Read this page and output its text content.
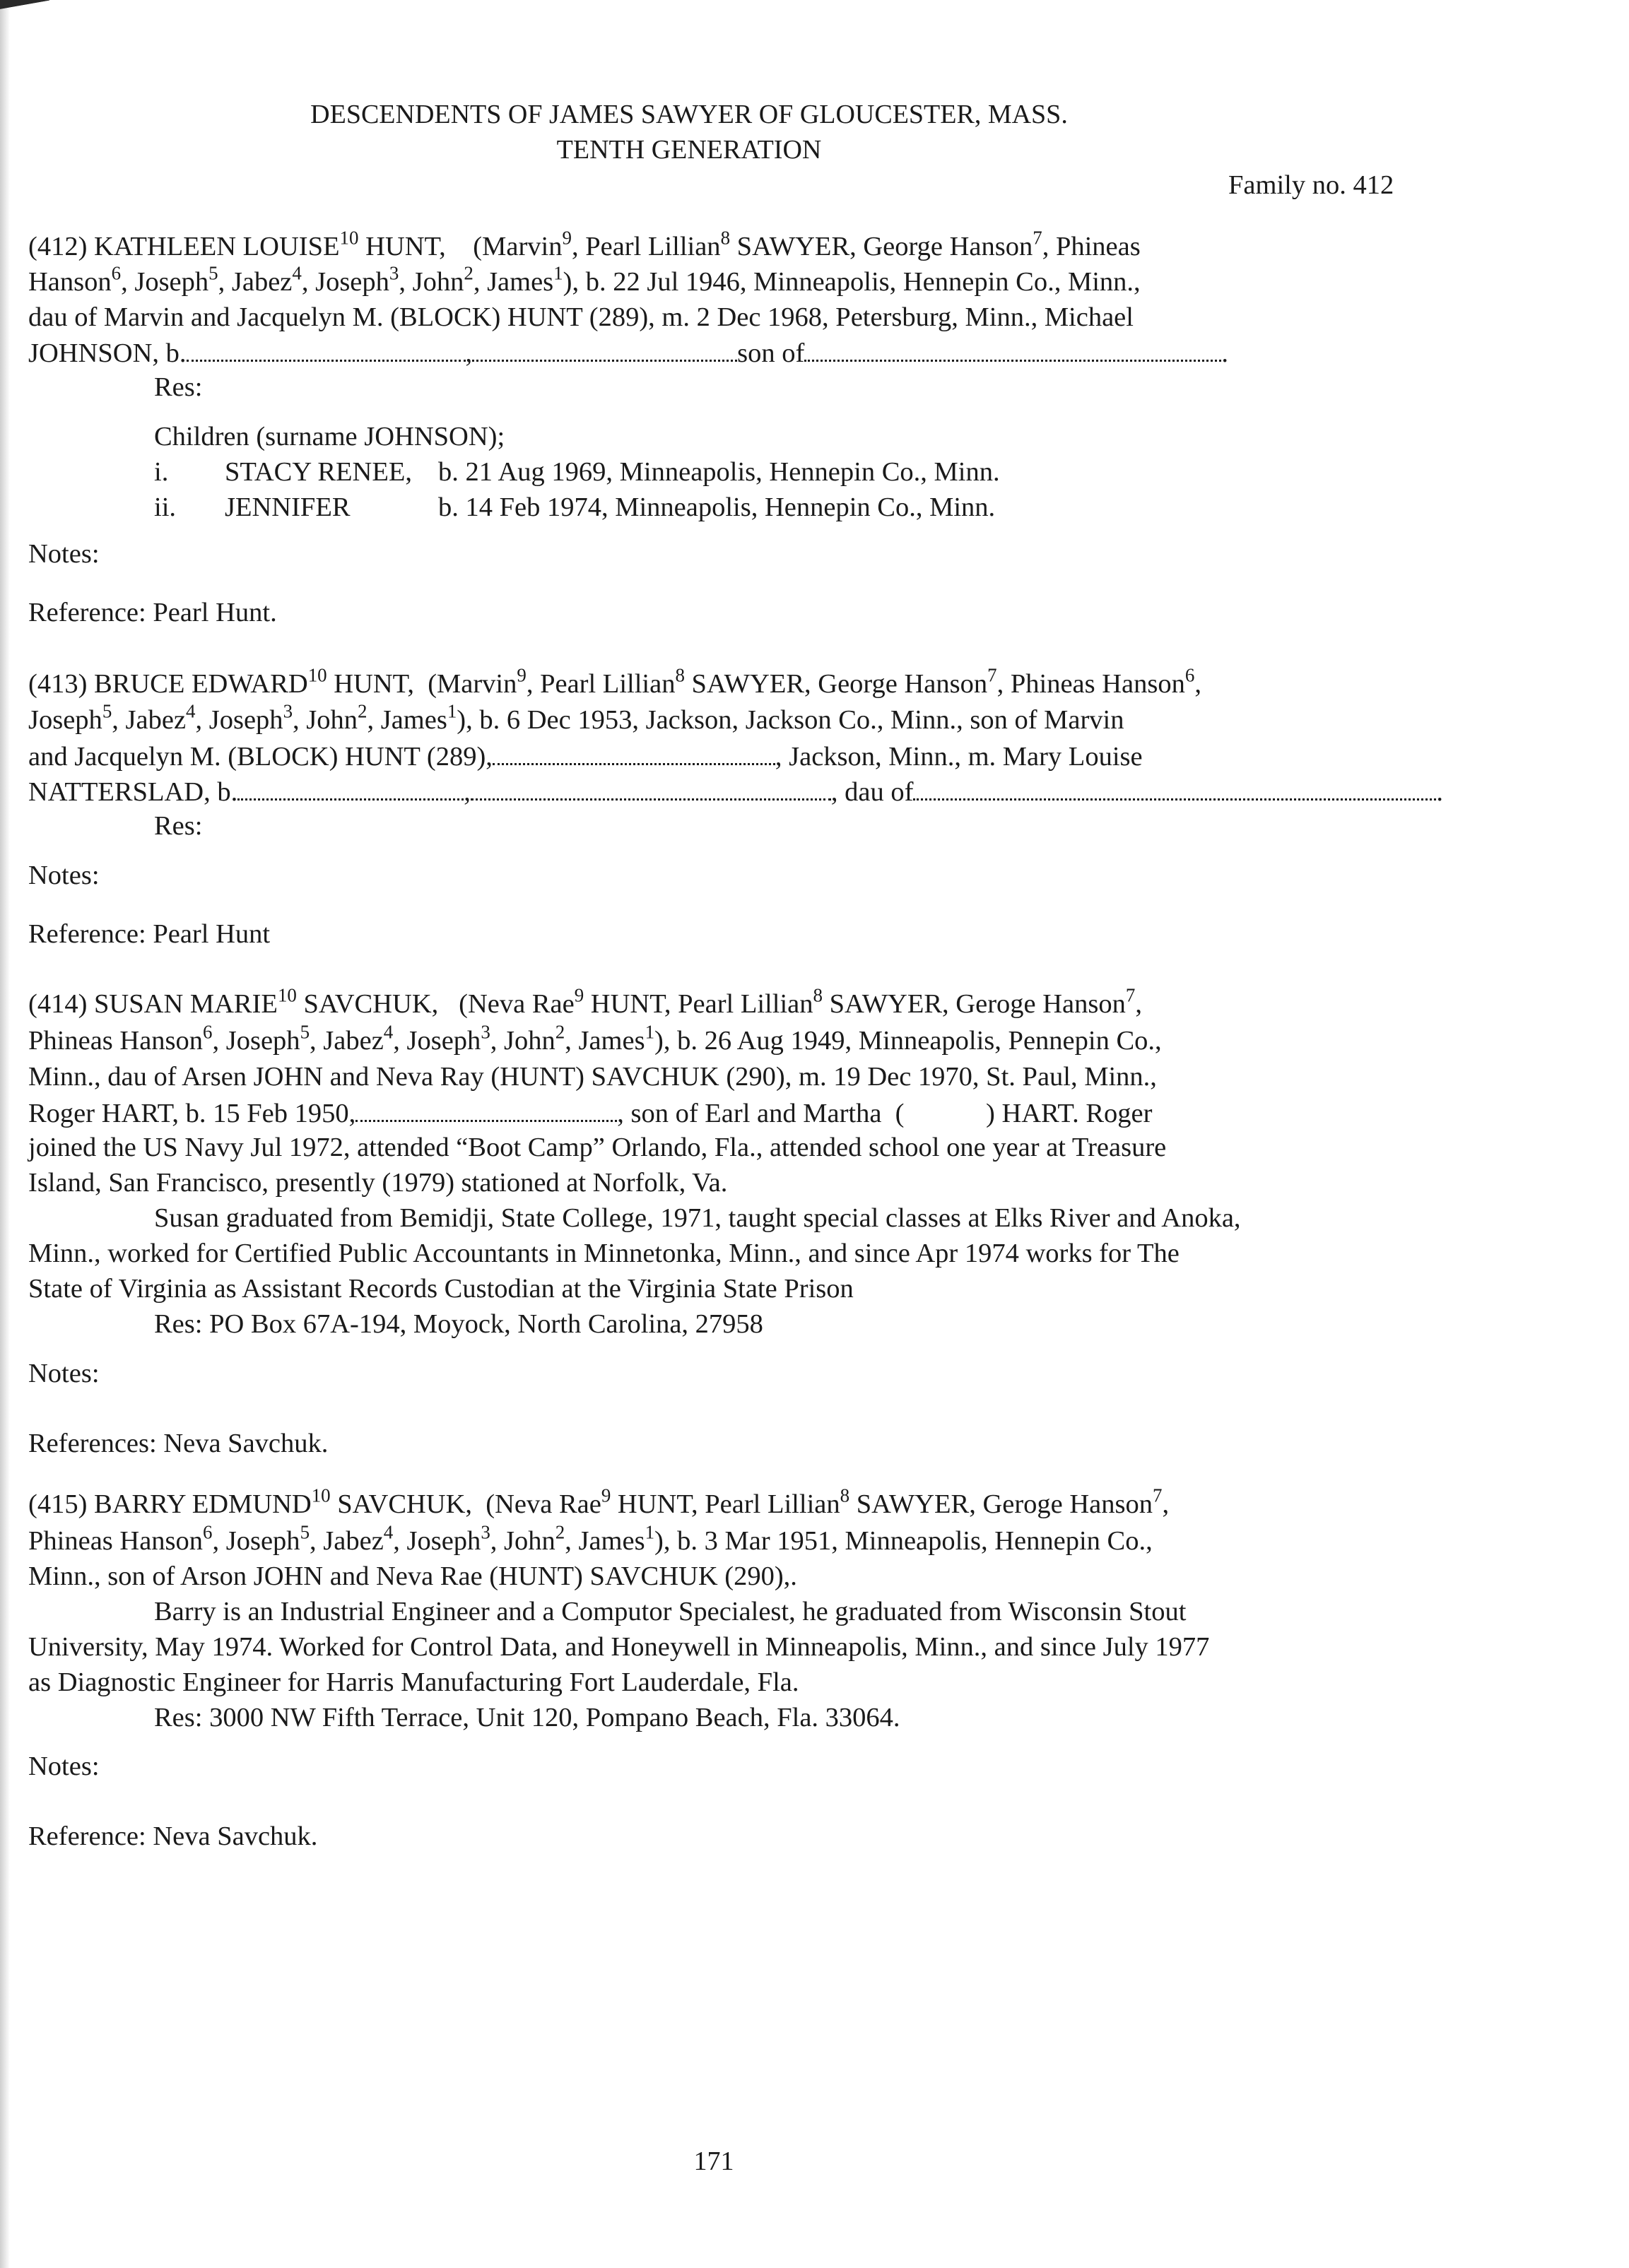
DESCENDENTS OF JAMES SAWYER OF GLOUCESTER, MASS.
TENTH GENERATION
Family no. 412
(412) KATHLEEN LOUISE$^{10}$ HUNT,    (Marvin$^9$, Pearl Lillian$^8$ SAWYER, George Hanson$^7$, Phineas
Hanson$^6$, Joseph$^5$, Jabez$^4$, Joseph$^3$, John$^2$, James$^1$), b. 22 Jul 1946, Minneapolis, Hennepin Co., Minn.,
dau of Marvin and Jacquelyn M. (BLOCK) HUNT (289), m. 2 Dec 1968, Petersburg, Minn., Michael
JOHNSON, b.	,	son of	.
Res:
Children (surname JOHNSON);
i. STACY RENEE, b. 21 Aug 1969, Minneapolis, Hennepin Co., Minn.
ii. JENNIFER	b. 14 Feb 1974, Minneapolis, Hennepin Co., Minn.
Notes:
Reference: Pearl Hunt.
(413) BRUCE EDWARD$^{10}$ HUNT,  (Marvin$^9$, Pearl Lillian$^8$ SAWYER, George Hanson$^7$, Phineas Hanson$^6$,
Joseph$^5$, Jabez$^4$, Joseph$^3$, John$^2$, James$^1$), b. 6 Dec 1953, Jackson, Jackson Co., Minn., son of Marvin
and Jacquelyn M. (BLOCK) HUNT (289),	, Jackson, Minn., m. Mary Louise
NATTERSLAD, b.	,	, dau of	.
Res:
Notes:
Reference: Pearl Hunt
(414) SUSAN MARIE$^{10}$ SAVCHUK,   (Neva Rae$^9$ HUNT, Pearl Lillian$^8$ SAWYER, Geroge Hanson$^7$,
Phineas Hanson$^6$, Joseph$^5$, Jabez$^4$, Joseph$^3$, John$^2$, James$^1$), b. 26 Aug 1949, Minneapolis, Pennepin Co.,
Minn., dau of Arsen JOHN and Neva Ray (HUNT) SAVCHUK (290), m. 19 Dec 1970, St. Paul, Minn.,
Roger HART, b. 15 Feb 1950,	, son of Earl and Martha  (            ) HART. Roger
joined the US Navy Jul 1972, attended “Boot Camp” Orlando, Fla., attended school one year at Treasure
Island, San Francisco, presently (1979) stationed at Norfolk, Va.
Susan graduated from Bemidji, State College, 1971, taught special classes at Elks River and Anoka,
Minn., worked for Certified Public Accountants in Minnetonka, Minn., and since Apr 1974 works for The
State of Virginia as Assistant Records Custodian at the Virginia State Prison
Res: PO Box 67A-194, Moyock, North Carolina, 27958
Notes:
References: Neva Savchuk.
(415) BARRY EDMUND$^{10}$ SAVCHUK,  (Neva Rae$^9$ HUNT, Pearl Lillian$^8$ SAWYER, Geroge Hanson$^7$,
Phineas Hanson$^6$, Joseph$^5$, Jabez$^4$, Joseph$^3$, John$^2$, James$^1$), b. 3 Mar 1951, Minneapolis, Hennepin Co.,
Minn., son of Arson JOHN and Neva Rae (HUNT) SAVCHUK (290),.
Barry is an Industrial Engineer and a Computor Specialest, he graduated from Wisconsin Stout
University, May 1974. Worked for Control Data, and Honeywell in Minneapolis, Minn., and since July 1977
as Diagnostic Engineer for Harris Manufacturing Fort Lauderdale, Fla.
Res: 3000 NW Fifth Terrace, Unit 120, Pompano Beach, Fla. 33064.
Notes:
Reference: Neva Savchuk.
171
